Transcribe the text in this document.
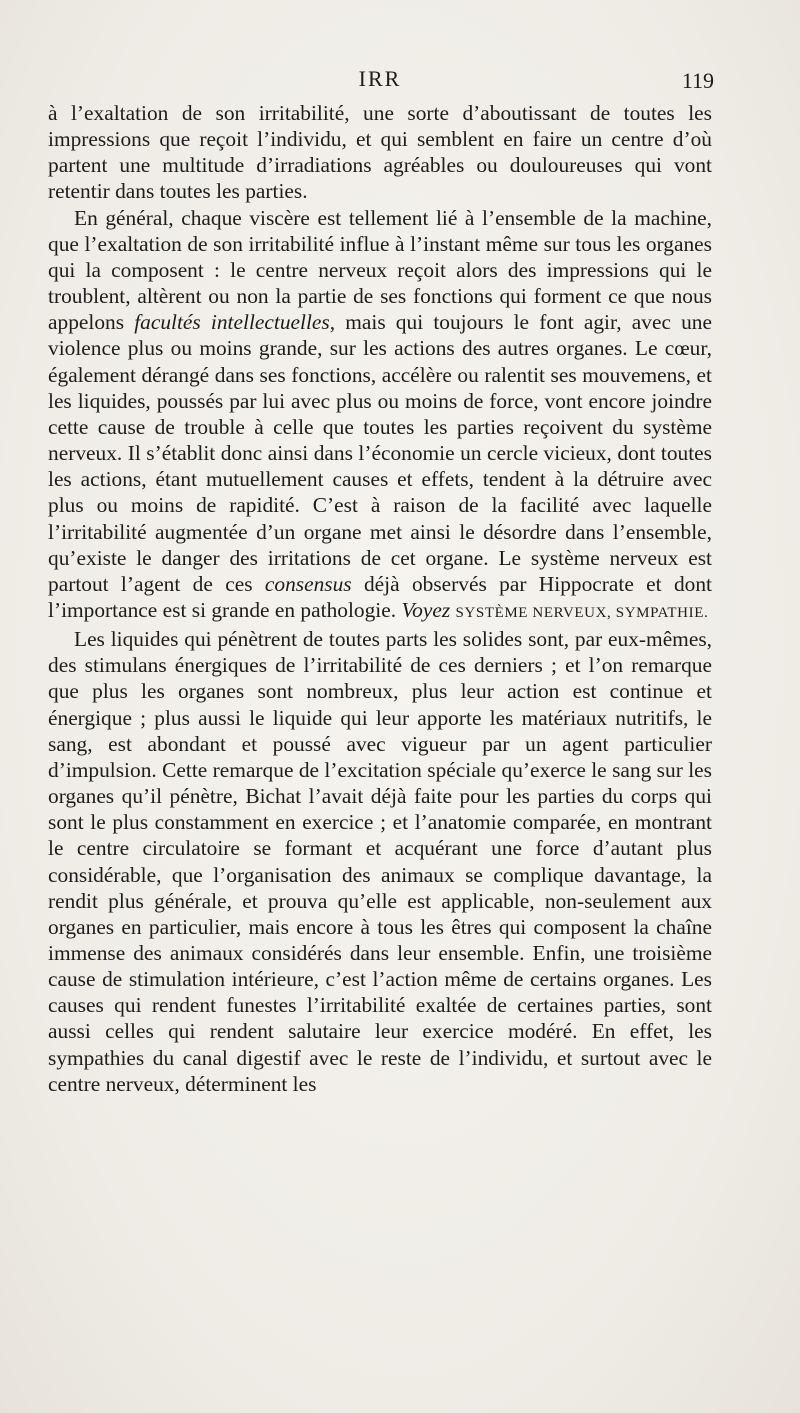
IRR	119

à l’exaltation de son irritabilité, une sorte d’aboutissant de toutes les impressions que reçoit l’individu, et qui semblent en faire un centre d’où partent une multitude d’irradiations agréables ou douloureuses qui vont retentir dans toutes les parties.

En général, chaque viscère est tellement lié à l’ensemble de la machine, que l’exaltation de son irritabilité influe à l’instant même sur tous les organes qui la composent : le centre nerveux reçoit alors des impressions qui le troublent, altèrent ou non la partie de ses fonctions qui forment ce que nous appelons facultés intellectuelles, mais qui toujours le font agir, avec une violence plus ou moins grande, sur les actions des autres organes. Le cœur, également dérangé dans ses fonctions, accélère ou ralentit ses mouvemens, et les liquides, poussés par lui avec plus ou moins de force, vont encore joindre cette cause de trouble à celle que toutes les parties reçoivent du système nerveux. Il s’établit donc ainsi dans l’économie un cercle vicieux, dont toutes les actions, étant mutuellement causes et effets, tendent à la détruire avec plus ou moins de rapidité. C’est à raison de la facilité avec laquelle l’irritabilité augmentée d’un organe met ainsi le désordre dans l’ensemble, qu’existe le danger des irritations de cet organe. Le système nerveux est partout l’agent de ces consensus déjà observés par Hippocrate et dont l’importance est si grande en pathologie. Voyez SYSTÈME NERVEUX, SYMPATHIE.

Les liquides qui pénètrent de toutes parts les solides sont, par eux-mêmes, des stimulans énergiques de l’irritabilité de ces derniers ; et l’on remarque que plus les organes sont nombreux, plus leur action est continue et énergique ; plus aussi le liquide qui leur apporte les matériaux nutritifs, le sang, est abondant et poussé avec vigueur par un agent particulier d’impulsion. Cette remarque de l’excitation spéciale qu’exerce le sang sur les organes qu’il pénètre, Bichat l’avait déjà faite pour les parties du corps qui sont le plus constamment en exercice ; et l’anatomie comparée, en montrant le centre circulatoire se formant et acquérant une force d’autant plus considérable, que l’organisation des animaux se complique davantage, la rendit plus générale, et prouva qu’elle est applicable, non-seulement aux organes en particulier, mais encore à tous les êtres qui composent la chaîne immense des animaux considérés dans leur ensemble. Enfin, une troisième cause de stimulation intérieure, c’est l’action même de certains organes. Les causes qui rendent funestes l’irritabilité exaltée de certaines parties, sont aussi celles qui rendent salutaire leur exercice modéré. En effet, les sympathies du canal digestif avec le reste de l’individu, et surtout avec le centre nerveux, déterminent les
